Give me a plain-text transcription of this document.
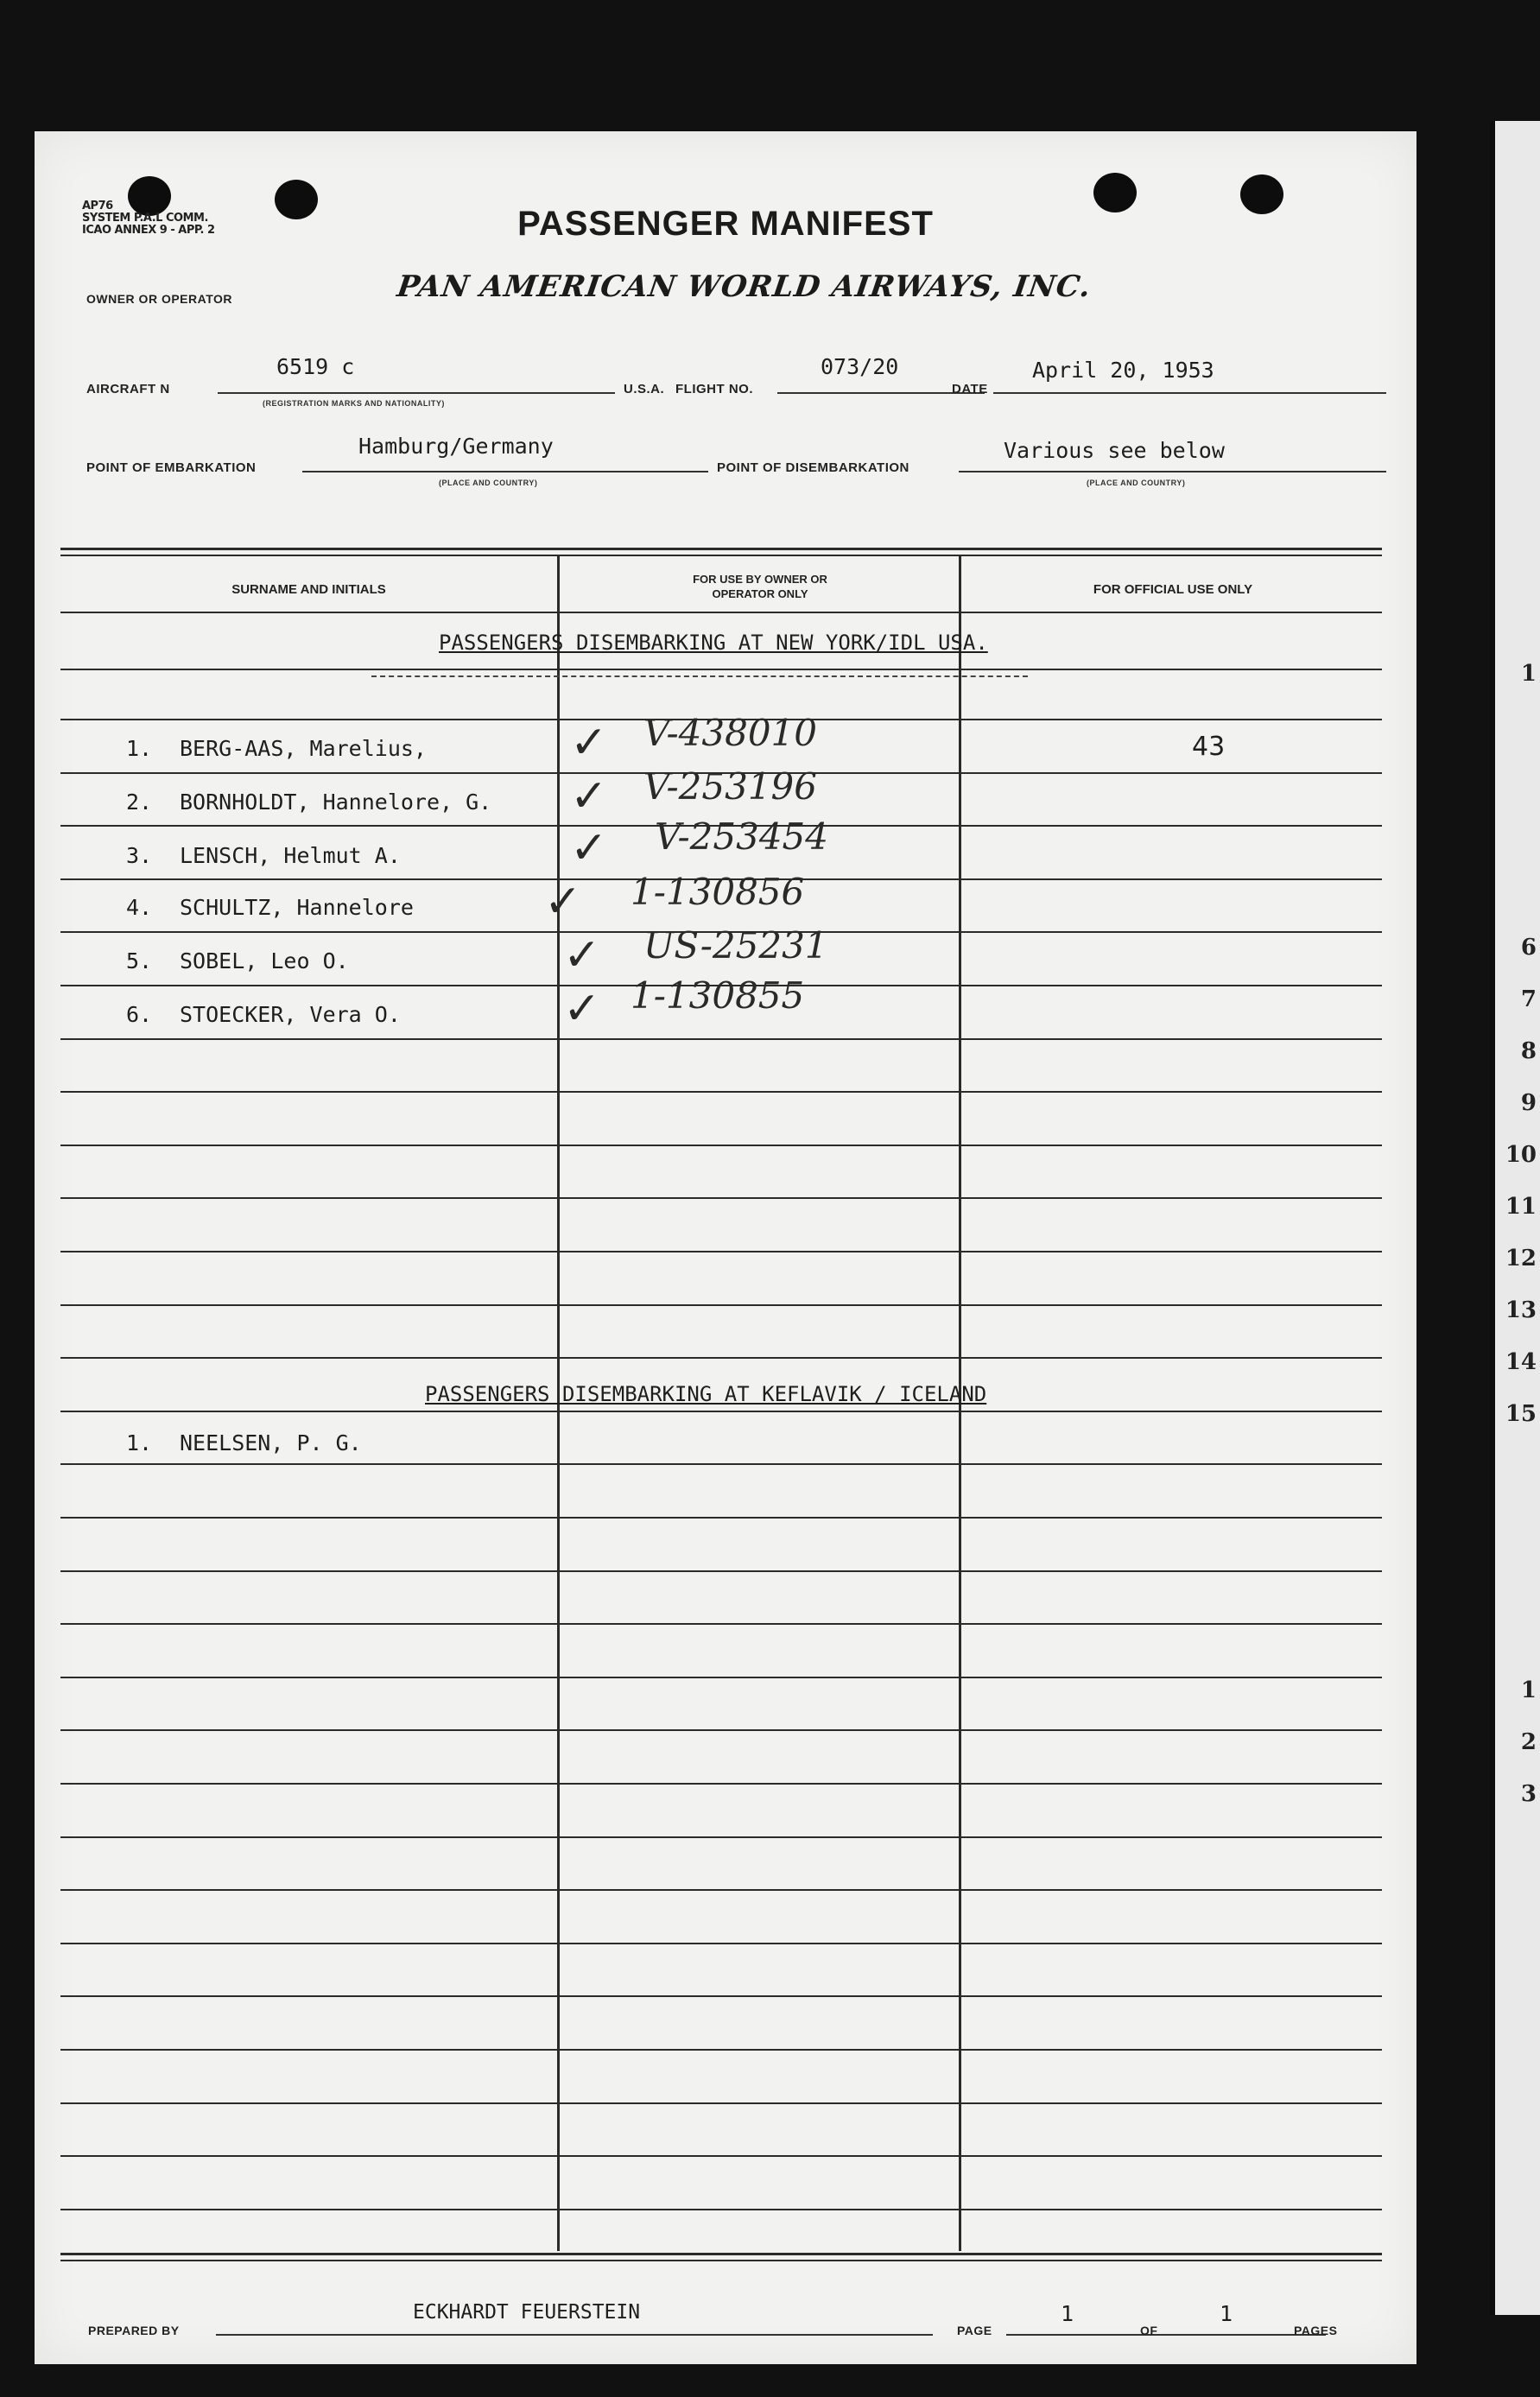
1
6
7
8
9
10
11
12
13
14
15
1
2
3
AP76
SYSTEM P.A.L COMM.
ICAO ANNEX 9 - APP. 2	PASSENGER MANIFEST
PAN AMERICAN WORLD AIRWAYS, INC.
OWNER OR OPERATOR
AIRCRAFT N
6519 c
(REGISTRATION MARKS AND NATIONALITY)
U.S.A. FLIGHT NO.
073/20
DATE
April 20, 1953
POINT OF EMBARKATION
Hamburg/Germany
(PLACE AND COUNTRY)
POINT OF DISEMBARKATION
Various see below
(PLACE AND COUNTRY)
SURNAME AND INITIALS
FOR USE BY OWNER OR OPERATOR ONLY	FOR OFFICIAL USE ONLY
PASSENGERS DISEMBARKING AT NEW YORK/IDL USA.
1. BERG-AAS, Marelius,	✓ V-438010	43
2. BORNHOLDT, Hannelore, G. ✓ V-253196
3. LENSCH, Helmut A.	✓ V-253454
4. SCHULTZ, Hannelore	✓ 1-130856
5. SOBEL, Leo O.	✓ US-25231
6. STOECKER, Vera O.	✓ 1-130855
PASSENGERS DISEMBARKING AT KEFLAVIK / ICELAND
1. NEELSEN, P. G.
PREPARED BY
ECKHARDT FEUERSTEIN
PAGE
1
OF
1
PAGES
